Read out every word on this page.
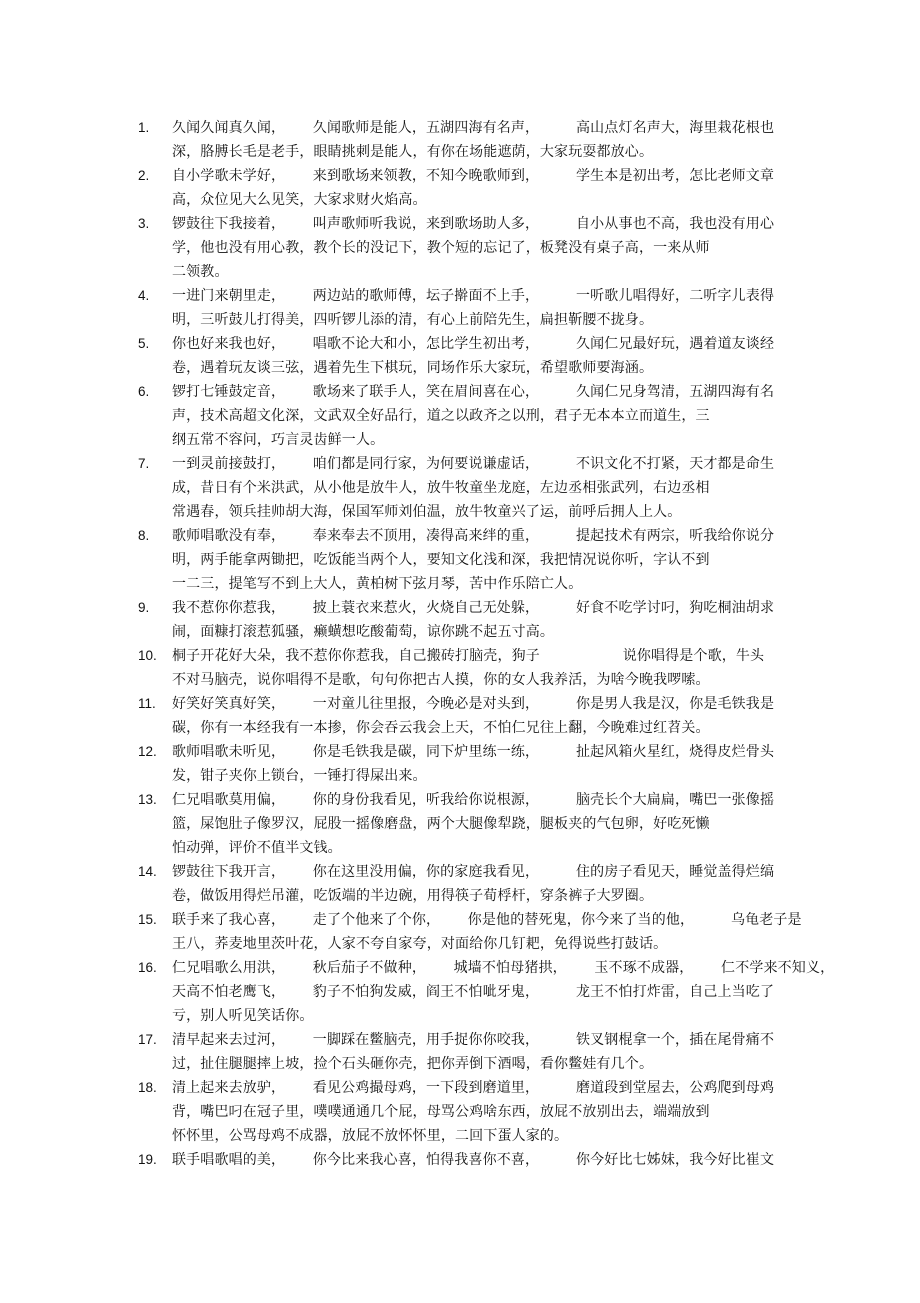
1.	久闻久闻真久闻，      久闻歌师是能人，五湖四海有名声，        高山点灯名声大，海里栽花根也
深，胳膊长毛是老手，眼睛挑刺是能人，有你在场能遮荫，大家玩耍都放心。
2.	自小学歌未学好，      来到歌场来领教，不知今晚歌师到，        学生本是初出考，怎比老师文章
高，众位见大么见笑，大家求财火焰高。
3.	锣鼓往下我接着，      叫声歌师听我说，来到歌场助人多，        自小从事也不高，我也没有用心
学，他也没有用心教，教个长的没记下，教个短的忘记了，板凳没有桌子高，一来从师
二领教。
4.	一进门来朝里走，      两边站的歌师傅，坛子擀面不上手，        一听歌儿唱得好，二听字儿表得
明，三听鼓儿打得美，四听锣儿添的清，有心上前陪先生，扁担靳腰不拢身。
5.	你也好来我也好，      唱歌不论大和小，怎比学生初出考，        久闻仁兄最好玩，遇着道友谈经
卷，遇着玩友谈三弦，遇着先生下棋玩，同场作乐大家玩，希望歌师要海涵。
6.	锣打七锤鼓定音，      歌场来了联手人，笑在眉间喜在心，        久闻仁兄身驾清，五湖四海有名
声，技术高超文化深，文武双全好品行，道之以政齐之以刑，君子无本本立而道生，三
纲五常不容问，巧言灵齿鲜一人。
7.	一到灵前接鼓打，      咱们都是同行家，为何要说谦虚话，        不识文化不打紧，天才都是命生
成，昔日有个米洪武，从小他是放牛人，放牛牧童坐龙庭，左边丞相张武列，右边丞相
常遇春，领兵挂帅胡大海，保国军师刘伯温，放牛牧童兴了运，前呼后拥人上人。
8.	歌师唱歌没有奉，      奉来奉去不顶用，凑得高来绊的重，        提起技术有两宗，听我给你说分
明，两手能拿两锄把，吃饭能当两个人，要知文化浅和深，我把情况说你听，字认不到
一二三，提笔写不到上大人，黄柏树下弦月琴，苦中作乐陪亡人。
9.	我不惹你你惹我，      披上蓑衣来惹火，火烧自己无处躲，        好食不吃学讨叼，狗吃桐油胡求
闹，面糠打滚惹狐骚，癞蟥想吃酸葡萄，谅你跳不起五寸高。
10.	桐子开花好大朵，我不惹你你惹我，自己搬砖打脑壳，狗子                  说你唱得是个歌，牛头
不对马脑壳，说你唱得不是歌，句句你把古人摸，你的女人我养活，为啥今晚我啰嗦。
11.	好笑好笑真好笑，      一对童儿往里报，今晚必是对头到，        你是男人我是汉，你是毛铁我是
碳，你有一本经我有一本掺，你会吞云我会上天，不怕仁兄往上翻，今晚难过红苕关。
12.	歌师唱歌未听见，      你是毛铁我是碳，同下炉里练一练，        扯起风箱火星红，烧得皮烂骨头
发，钳子夹你上锁台，一锤打得屎出来。
13.	仁兄唱歌莫用偏，      你的身份我看见，听我给你说根源，        脑壳长个大扁扁，嘴巴一张像摇
篮，屎饱肚子像罗汉，屁股一摇像磨盘，两个大腿像犁跷，腿板夹的气包卵，好吃死懒
怕动弹，评价不值半文钱。
14.	锣鼓往下我开言，      你在这里没用偏，你的家庭我看见，        住的房子看见天，睡觉盖得烂缟
卷，做饭用得烂吊灌，吃饭端的半边碗，用得筷子荀桴杆，穿条裤子大罗圈。
15.	联手来了我心喜，      走了个他来了个你，      你是他的替死鬼，你今来了当的他，        乌龟老子是
王八，荞麦地里茨叶花，人家不夸自家夸，对面给你几钉耙，免得说些打鼓话。
16.	仁兄唱歌么用洪，      秋后茄子不做种，      城墙不怕母猪拱，      玉不琢不成器，      仁不学来不知义，
天高不怕老鹰飞，      豹子不怕狗发威，阎王不怕呲牙鬼，        龙王不怕打炸雷，自己上当吃了
亏，别人听见笑话你。
17.	清早起来去过河，      一脚踩在鳖脑壳，用手捉你你咬我，        铁叉钢棍拿一个，插在尾骨痛不
过，扯住腿腿摔上坡，捡个石头砸你壳，把你弄倒下酒喝，看你鳖娃有几个。
18.	清上起来去放驴，      看见公鸡撮母鸡，一下段到磨道里，        磨道段到堂屋去，公鸡爬到母鸡
背，嘴巴叼在冠子里，噗噗通通几个屁，母骂公鸡啥东西，放屁不放别出去，端端放到
怀怀里，公骂母鸡不成器，放屁不放怀怀里，二回下蛋人家的。
19.	联手唱歌唱的美，      你今比来我心喜，怕得我喜你不喜，        你今好比七姊妹，我今好比崔文
